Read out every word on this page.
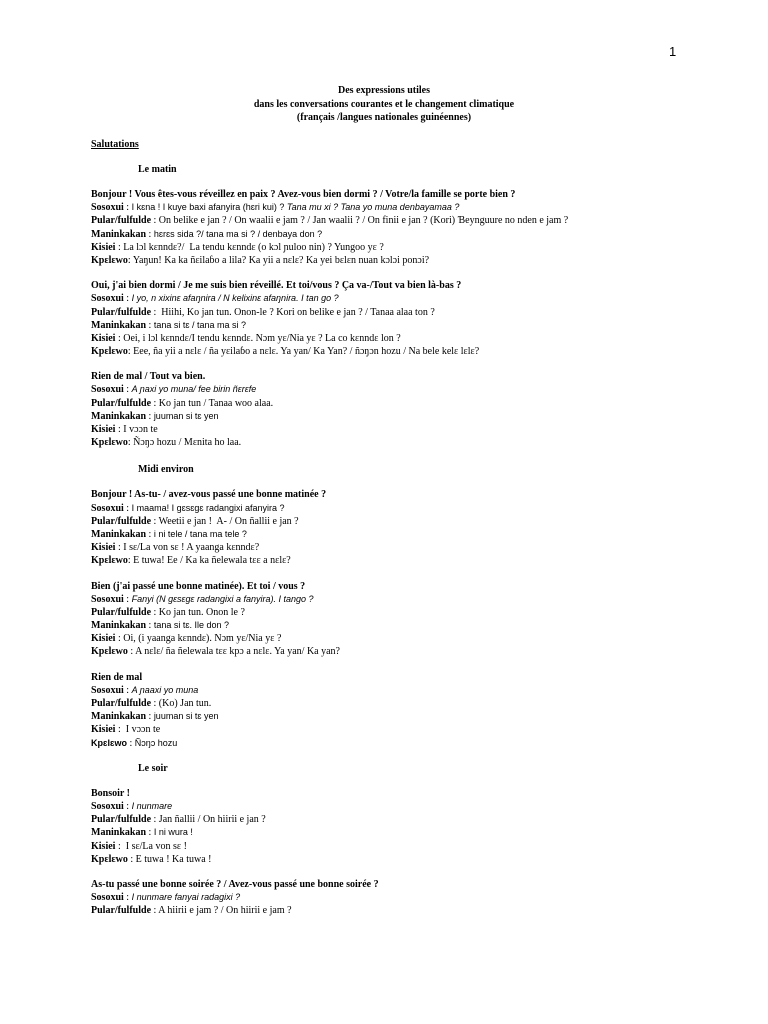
1
Des expressions utiles
dans les conversations courantes et le changement climatique
(français /langues nationales guinéennes)
Salutations
Le matin
Bonjour ! Vous êtes-vous réveillez en paix ? Avez-vous bien dormi ? / Votre/la famille se porte bien ?
Sosoxui : I kɛna ! I kuye baxi afanyira (hɛri kui) ? Tana mu xi ? Tana yo muna denbayamaa ?
Pular/fulfulde : On belike e jan ? / On waalii e jam ? / Jan waalii ? / On finii e jan ? (Kori) Ɓeynguure no nden e jam ?
Maninkakan : hɛrɛs sida ?/ tana ma si ? / denbaya don ?
Kisiei : La lɔl kɛnndɛ?/  La tendu kɛnndɛ (o kɔl ɲuloo nin) ? Yungoo yɛ ?
Kpɛlɛwo: Yaŋun! Ka ka ñɛilaɓo a lila? Ka yii a nɛlɛ? Ka yei bɛlɛn nuan kɔlɔi ponɔi?
Oui, j'ai bien dormi / Je me suis bien réveillé. Et toi/vous ? Ça va-/Tout va bien là-bas ?
Sosoxui : I yo, n xixinɛ afaŋnira / N kelixinɛ afaŋnira. I tan go ?
Pular/fulfulde :  Hiihi, Ko jan tun. Onon-le ? Kori on belike e jan ? / Tanaa alaa ton ?
Maninkakan : tana si tɛ / tana ma si ?
Kisiei : Oei, i lɔl kɛnndɛ/I tendu kɛnndɛ. Nɔm yɛ/Nia yɛ ? La co kɛnndɛ lon ?
Kpɛlɛwo: Eee, ña yii a nɛlɛ / ña yɛilaɓo a nɛlɛ. Ya yan/ Ka Yan? / ñɔŋɔn hozu / Na bele kelɛ lɛlɛ?
Rien de mal / Tout va bien.
Sosoxui : A ɲaxi yo muna/ fee birin ñɛrɛfe
Pular/fulfulde : Ko jan tun / Tanaa woo alaa.
Maninkakan : juuman si tɛ yen
Kisiei : I vɔɔn te
Kpɛlɛwo: Ñɔŋɔ hozu / Mɛnita ho laa.
Midi environ
Bonjour ! As-tu- / avez-vous passé une bonne matinée ?
Sosoxui : I maama! I gɛsɛgɛ radangixi afanyira ?
Pular/fulfulde : Weetii e jan !  A- / On ñallii e jan ?
Maninkakan : i ni tele / tana ma tele ?
Kisiei : I sɛ/La von sɛ ! A yaanga kɛnndɛ?
Kpɛlɛwo: E tuwa! Ee / Ka ka ñelewala tɛɛ a nɛlɛ?
Bien (j'ai passé une bonne matinée). Et toi / vous ?
Sosoxui : Fanyi (N gɛsɛgɛ radangixi a fanyira). I tango ?
Pular/fulfulde : Ko jan tun. Onon le ?
Maninkakan : tana si tɛ. Ile don ?
Kisiei : Oi, (i yaanga kɛnndɛ). Nɔm yɛ/Nia yɛ ?
Kpɛlɛwo : A nɛlɛ/ ña ñelewala tɛɛ kpɔ a nɛlɛ. Ya yan/ Ka yan?
Rien de mal
Sosoxui : A ɲaaxi yo muna
Pular/fulfulde : (Ko) Jan tun.
Maninkakan : juuman si tɛ yen
Kisiei :  I vɔɔn te
Kpɛlɛwo : Ñɔŋɔ hozu
Le soir
Bonsoir !
Sosoxui : I nunmare
Pular/fulfulde : Jan ñallii / On hiirii e jan ?
Maninkakan : I ni wura !
Kisiei :  I sɛ/La von sɛ !
Kpɛlɛwo : E tuwa ! Ka tuwa !
As-tu passé une bonne soirée ? / Avez-vous passé une bonne soirée ?
Sosoxui : I nunmare fanyai radagixi ?
Pular/fulfulde : A hiirii e jam ? / On hiirii e jam ?
